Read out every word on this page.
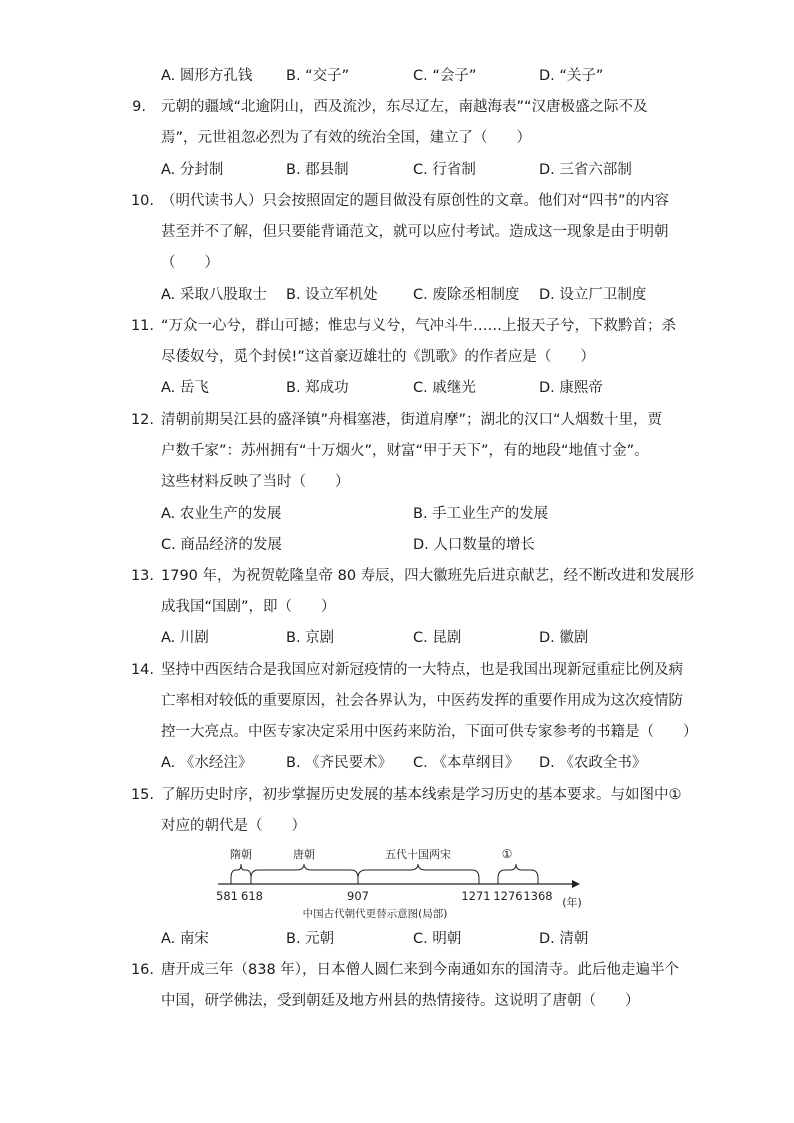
A. 圆形方孔钱 B. “交子”	C. “会子”	D. “关子”
9. 元朝的疆域“北逾阴山，西及流沙，东尽辽左，南越海表”“汉唐极盛之际不及
焉”，元世祖忽必烈为了有效的统治全国，建立了（　　）
A. 分封制	B. 郡县制	C. 行省制	D. 三省六部制
10. （明代读书人）只会按照固定的题目做没有原创性的文章。他们对“四书”的内容
甚至并不了解，但只要能背诵范文，就可以应付考试。造成这一现象是由于明朝
（　　）
A. 采取八股取士 B. 设立军机处 C. 废除丞相制度 D. 设立厂卫制度
11. “万众一心兮，群山可撼；惟忠与义兮，气冲斗牛……上报天子兮，下救黔首；杀
尽倭奴兮，觅个封侯!”这首豪迈雄壮的《凯歌》的作者应是（　　）
A. 岳飞	B. 郑成功	C. 戚继光	D. 康熙帝
12. 清朝前期吴江县的盛泽镇”舟楫塞港，街道肩摩”；湖北的汉口“人烟数十里，贾
户数千家”：苏州拥有“十万烟火”，财富“甲于天下”，有的地段“地值寸金”。
这些材料反映了当时（　　）
A. 农业生产的发展	B. 手工业生产的发展
C. 商品经济的发展	D. 人口数量的增长
13. 1790 年，为祝贺乾隆皇帝 80 寿辰，四大徽班先后进京献艺，经不断改进和发展形
成我国“国剧”，即（　　）
A. 川剧	B. 京剧	C. 昆剧	D. 徽剧
14. 坚持中西医结合是我国应对新冠疫情的一大特点，也是我国出现新冠重症比例及病
亡率相对较低的重要原因，社会各界认为，中医药发挥的重要作用成为这次疫情防
控一大亮点。中医专家决定采用中医药来防治，下面可供专家参考的书籍是（　　）
A. 《水经注》 B. 《齐民要术》 C. 《本草纲目》 D. 《农政全书》
15. 了解历史时序，初步掌握历史发展的基本线索是学习历史的基本要求。与如图中①
对应的朝代是（　　）
隋朝	唐朝	五代十国两宋	①
581 618	907	1271 1276 1368 (年)
中国古代朝代更替示意图(局部)
A. 南宋	B. 元朝	C. 明朝	D. 清朝
16. 唐开成三年（838 年），日本僧人圆仁来到今南通如东的国清寺。此后他走遍半个
中国，研学佛法，受到朝廷及地方州县的热情接待。这说明了唐朝（　　）
